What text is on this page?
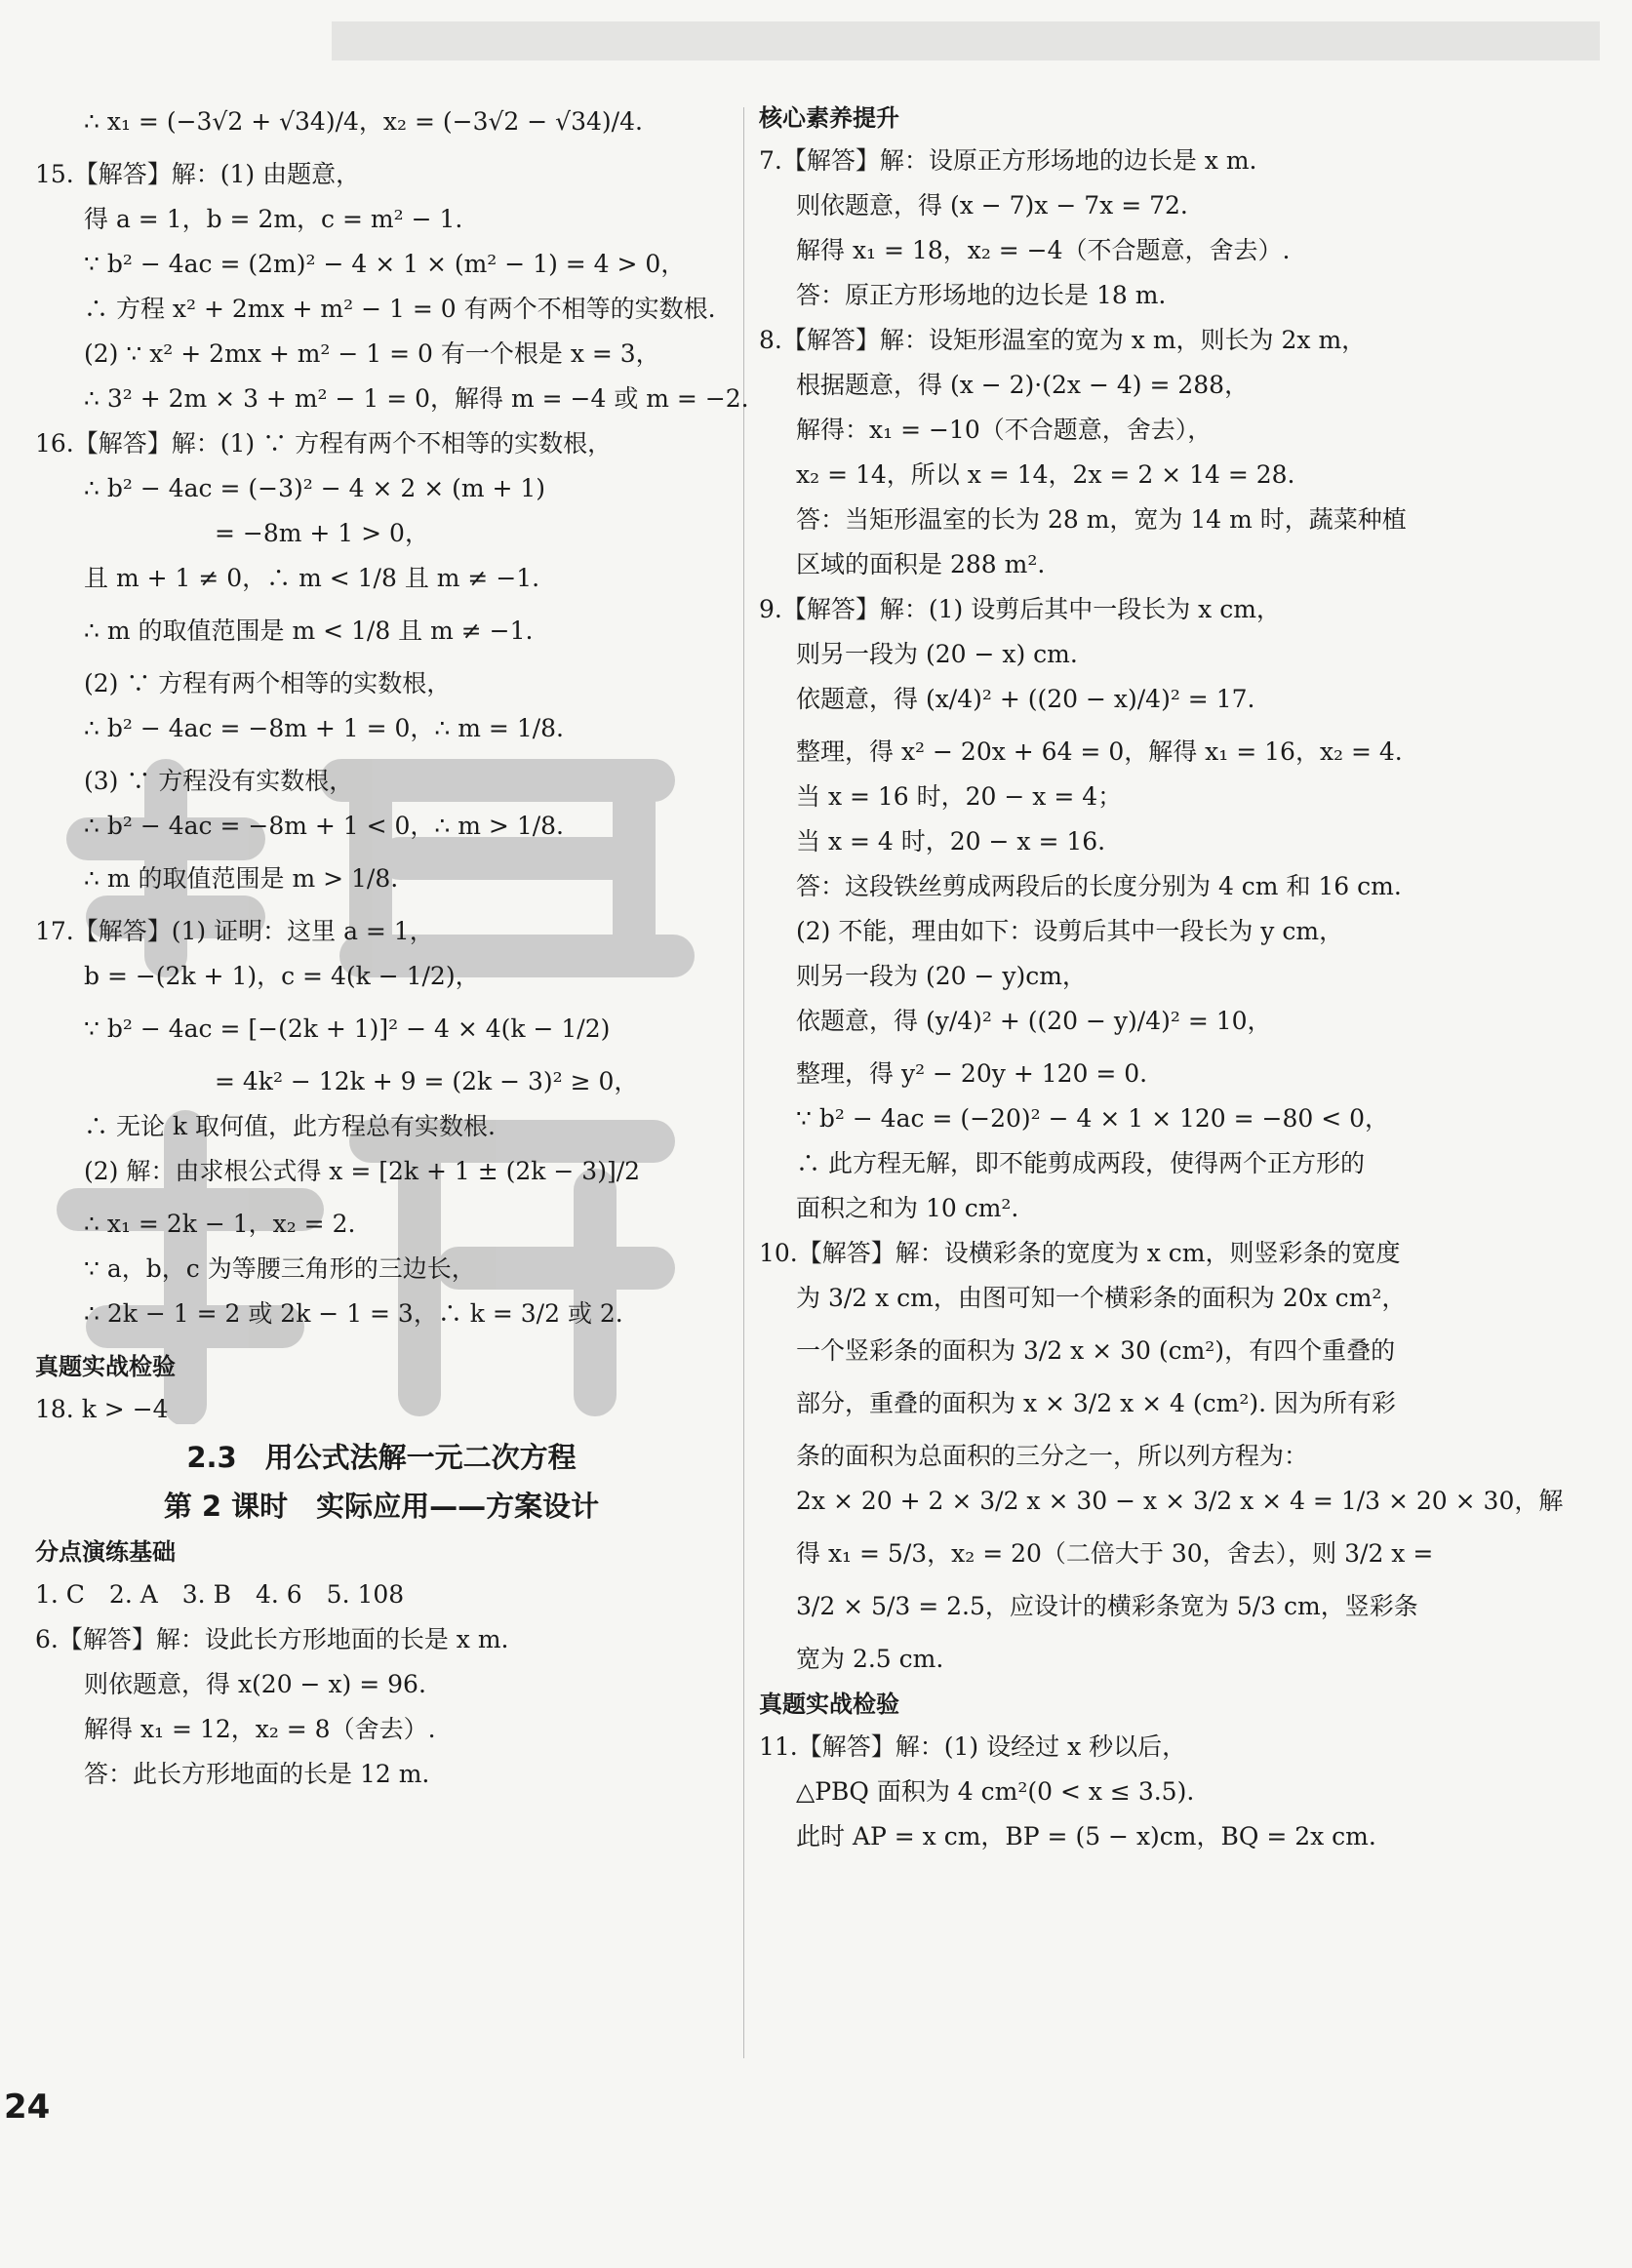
∴ x₁ = (−3√2 + √34)/4，x₂ = (−3√2 − √34)/4.
15.【解答】解：(1) 由题意，
得 a = 1，b = 2m，c = m² − 1.
∵ b² − 4ac = (2m)² − 4 × 1 × (m² − 1) = 4 > 0，
∴ 方程 x² + 2mx + m² − 1 = 0 有两个不相等的实数根.
(2) ∵ x² + 2mx + m² − 1 = 0 有一个根是 x = 3，
∴ 3² + 2m × 3 + m² − 1 = 0，解得 m = −4 或 m = −2.
16.【解答】解：(1) ∵ 方程有两个不相等的实数根，
∴ b² − 4ac = (−3)² − 4 × 2 × (m + 1)
= −8m + 1 > 0，
且 m + 1 ≠ 0，∴ m < 1/8 且 m ≠ −1.
∴ m 的取值范围是 m < 1/8 且 m ≠ −1.
(2) ∵ 方程有两个相等的实数根，
∴ b² − 4ac = −8m + 1 = 0，∴ m = 1/8.
(3) ∵ 方程没有实数根，
∴ b² − 4ac = −8m + 1 < 0，∴ m > 1/8.
∴ m 的取值范围是 m > 1/8.
17.【解答】(1) 证明：这里 a = 1，
b = −(2k + 1)，c = 4(k − 1/2)，
∵ b² − 4ac = [−(2k + 1)]² − 4 × 4(k − 1/2)
= 4k² − 12k + 9 = (2k − 3)² ≥ 0，
∴ 无论 k 取何值，此方程总有实数根.
(2) 解：由求根公式得 x = [2k + 1 ± (2k − 3)]/2
∴ x₁ = 2k − 1，x₂ = 2.
∵ a，b，c 为等腰三角形的三边长，
∴ 2k − 1 = 2 或 2k − 1 = 3，∴ k = 3/2 或 2.
真题实战检验
18. k > −4
2.3　用公式法解一元二次方程
第 2 课时　实际应用——方案设计
分点演练基础
1. C　2. A　3. B　4. 6　5. 108
6.【解答】解：设此长方形地面的长是 x m.
则依题意，得 x(20 − x) = 96.
解得 x₁ = 12，x₂ = 8（舍去）.
答：此长方形地面的长是 12 m.
核心素养提升
7.【解答】解：设原正方形场地的边长是 x m.
则依题意，得 (x − 7)x − 7x = 72.
解得 x₁ = 18，x₂ = −4（不合题意，舍去）.
答：原正方形场地的边长是 18 m.
8.【解答】解：设矩形温室的宽为 x m，则长为 2x m，
根据题意，得 (x − 2)·(2x − 4) = 288，
解得：x₁ = −10（不合题意，舍去），
x₂ = 14，所以 x = 14，2x = 2 × 14 = 28.
答：当矩形温室的长为 28 m，宽为 14 m 时，蔬菜种植
区域的面积是 288 m².
9.【解答】解：(1) 设剪后其中一段长为 x cm，
则另一段为 (20 − x) cm.
依题意，得 (x/4)² + ((20 − x)/4)² = 17.
整理，得 x² − 20x + 64 = 0，解得 x₁ = 16，x₂ = 4.
当 x = 16 时，20 − x = 4；
当 x = 4 时，20 − x = 16.
答：这段铁丝剪成两段后的长度分别为 4 cm 和 16 cm.
(2) 不能，理由如下：设剪后其中一段长为 y cm，
则另一段为 (20 − y)cm，
依题意，得 (y/4)² + ((20 − y)/4)² = 10，
整理，得 y² − 20y + 120 = 0.
∵ b² − 4ac = (−20)² − 4 × 1 × 120 = −80 < 0，
∴ 此方程无解，即不能剪成两段，使得两个正方形的
面积之和为 10 cm².
10.【解答】解：设横彩条的宽度为 x cm，则竖彩条的宽度
为 3/2 x cm，由图可知一个横彩条的面积为 20x cm²，
一个竖彩条的面积为 3/2 x × 30 (cm²)，有四个重叠的
部分，重叠的面积为 x × 3/2 x × 4 (cm²). 因为所有彩
条的面积为总面积的三分之一，所以列方程为：
2x × 20 + 2 × 3/2 x × 30 − x × 3/2 x × 4 = 1/3 × 20 × 30，解
得 x₁ = 5/3，x₂ = 20（二倍大于 30，舍去），则 3/2 x =
3/2 × 5/3 = 2.5，应设计的横彩条宽为 5/3 cm，竖彩条
宽为 2.5 cm.
真题实战检验
11.【解答】解：(1) 设经过 x 秒以后，
△PBQ 面积为 4 cm²(0 < x ≤ 3.5).
此时 AP = x cm，BP = (5 − x)cm，BQ = 2x cm.
24
